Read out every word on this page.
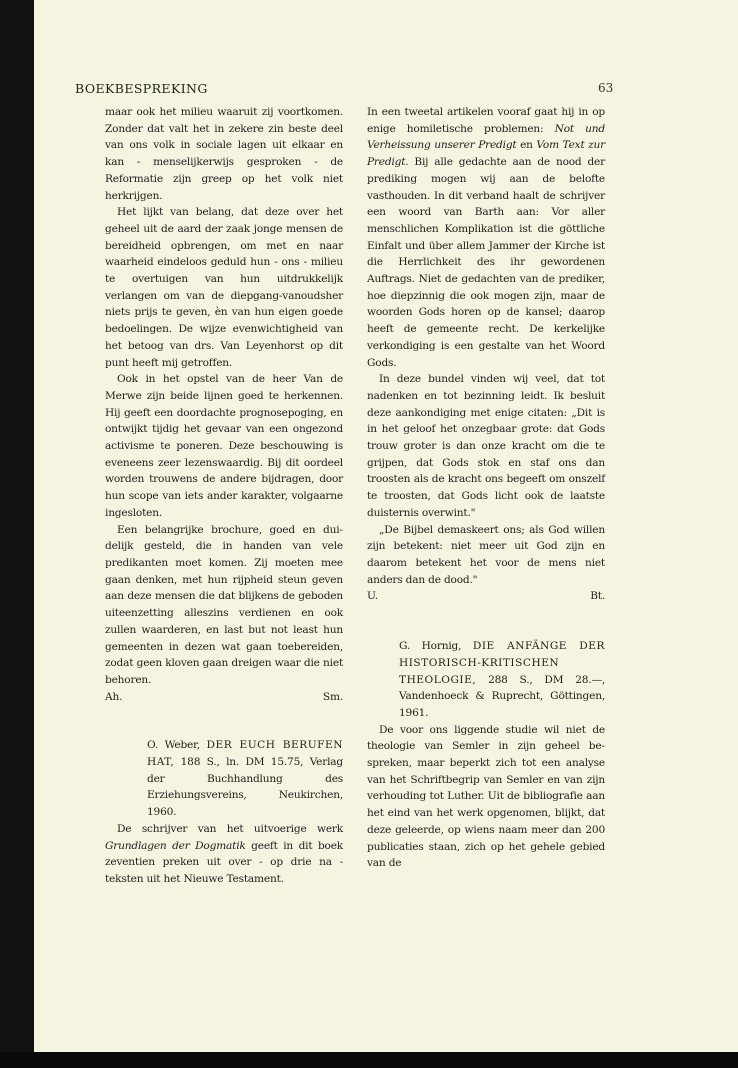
BOEKBESPREKING	63

maar ook het milieu waaruit zij voortkomen. Zonder dat valt het in zekere zin beste deel van ons volk in sociale lagen uit elkaar en kan - menselijkerwijs gesproken - de Reformatie zijn greep op het volk niet herkrijgen.

Het lijkt van belang, dat deze over het geheel uit de aard der zaak jonge mensen de bereidheid opbrengen, om met en naar waarheid eindeloos geduld hun - ons - milieu te overtuigen van hun uitdrukkelijk verlangen om van de diepgang-vanoudsher niets prijs te geven, èn van hun eigen goede bedoelingen. De wijze evenwichtigheid van het betoog van drs. Van Leyenhorst op dit punt heeft mij getroffen.

Ook in het opstel van de heer Van de Merwe zijn beide lijnen goed te herkennen. Hij geeft een doordachte prognosepoging, en ontwijkt tijdig het gevaar van een ongezond activisme te poneren. Deze beschouwing is eveneens zeer lezenswaardig. Bij dit oordeel worden trouwens de andere bijdragen, door hun scope van iets ander karakter, volgaarne ingesloten.

Een belangrijke brochure, goed en duidelijk gesteld, die in handen van vele predikanten moet komen. Zij moeten mee gaan denken, met hun rijpheid steun geven aan deze mensen die dat blijkens de geboden uiteenzetting alleszins verdienen en ook zullen waarderen, en last but not least hun gemeenten in dezen wat gaan toebereiden, zodat geen kloven gaan dreigen waar die niet behoren.

Ah.	Sm.
O. Weber, DER EUCH BERUFEN HAT, 188 S., ln. DM 15.75, Verlag der Buchhandlung des Erziehungsvereins, Neukirchen, 1960.

De schrijver van het uitvoerige werk Grundlagen der Dogmatik geeft in dit boek zeventien preken uit over - op drie na - teksten uit het Nieuwe Testament.

In een tweetal artikelen vooraf gaat hij in op enige homiletische problemen: Not und Verheissung unserer Predigt en Vom Text zur Predigt. Bij alle gedachte aan de nood der prediking mogen wij aan de belofte vasthouden. In dit verband haalt de schrijver een woord van Barth aan: Vor aller menschlichen Komplikation ist die göttliche Einfalt und über allem Jammer der Kirche ist die Herrlichkeit des ihr gewordenen Auftrags. Niet de gedachten van de prediker, hoe diepzinnig die ook mogen zijn, maar de woorden Gods horen op de kansel; daarop heeft de gemeente recht. De kerkelijke verkondiging is een gestalte van het Woord Gods.

In deze bundel vinden wij veel, dat tot nadenken en tot bezinning leidt. Ik besluit deze aankondiging met enige citaten: „Dit is in het geloof het onzegbaar grote: dat Gods trouw groter is dan onze kracht om die te grijpen, dat Gods stok en staf ons dan troosten als de kracht ons begeeft om onszelf te troosten, dat Gods licht ook de laatste duisternis overwint."

„De Bijbel demaskeert ons; als God willen zijn betekent: niet meer uit God zijn en daarom betekent het voor de mens niet anders dan de dood."

U.	Bt.
G. Hornig, DIE ANFÄNGE DER HISTORISCH-KRITISCHEN THEOLOGIE, 288 S., DM 28.—, Vandenhoeck & Ruprecht, Göttingen, 1961.

De voor ons liggende studie wil niet de theologie van Semler in zijn geheel bespreken, maar beperkt zich tot een analyse van het Schriftbegrip van Semler en van zijn verhouding tot Luther. Uit de bibliografie aan het eind van het werk opgenomen, blijkt, dat deze geleerde, op wiens naam meer dan 200 publicaties staan, zich op het gehele gebied van de
